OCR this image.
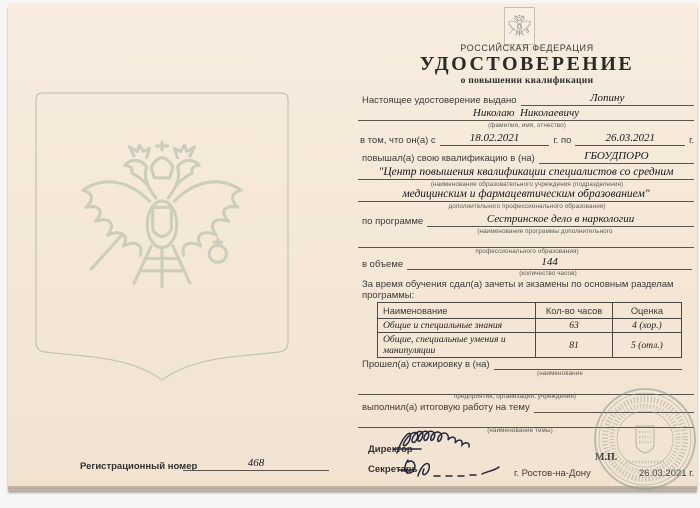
Регистрационный номер	468
РОССИЙСКАЯ ФЕДЕРАЦИЯ
УДОСТОВЕРЕНИЕ
о повышении квалификации
Настоящее удостоверение выдано	Лопину
Николаю  Николаевичу
(фамилия, имя, отчество)
в том, что он(а) с	18.02.2021	г. по	26.03.2021	г.
повышал(а) свою квалификацию в (на)	ГБОУДПОРО
"Центр повышения квалификации специалистов со средним
(наименование образовательного учреждения (подразделения)
медицинским и фармацевтическим образованием"
дополнительного профессионального образования)
по программе	Сестринское дело в наркологии
(наименование программы дополнительного
профессионального образования)
в объеме	144
(количество часов)
За время обучения сдал(а) зачеты и экзамены по основным разделам программы:
Наименование	Кол-во часов	Оценка
Общие и специальные знания	63	4 (хор.)
Общие, специальные умения и манипуляции	81	5 (отл.)
Прошел(а) стажировку в (на)
(наименование
предприятия, организации, учреждения)
выполнил(а) итоговую работу на тему
(наименование темы)
Директор
М.П.
Секретарь	г. Ростов-на-Дону	26.03.2021 г.
